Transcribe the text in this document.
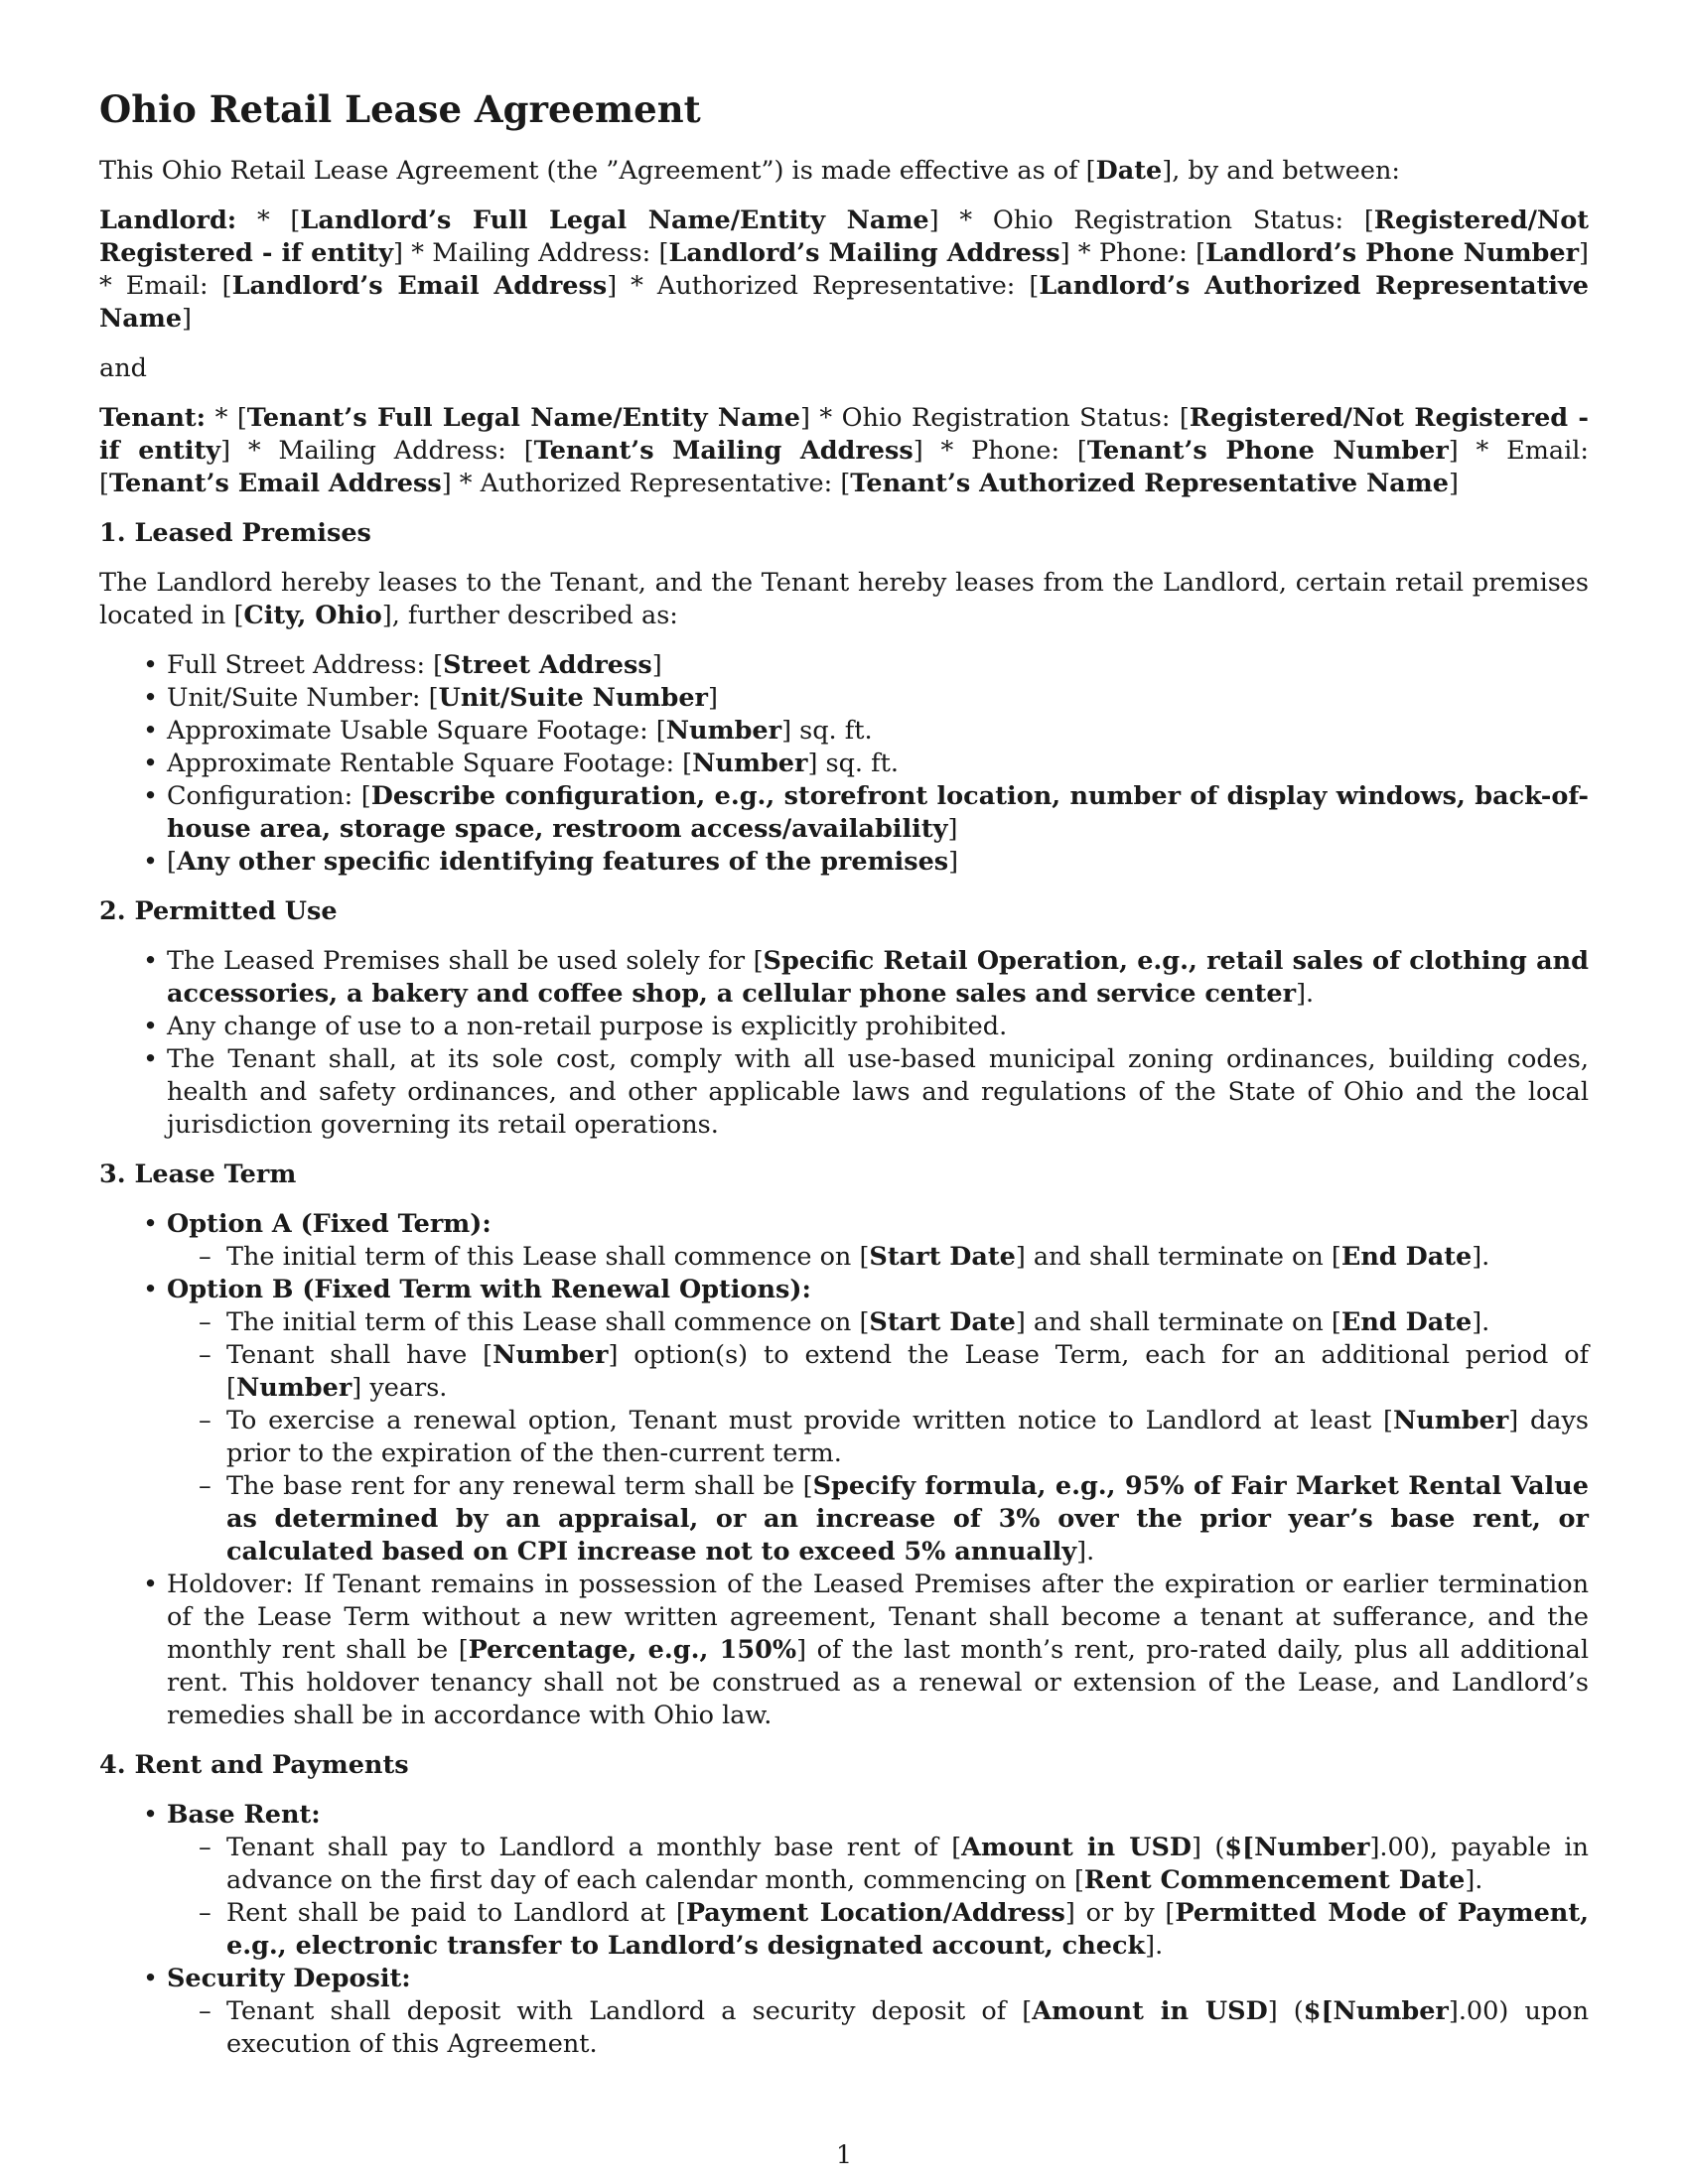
Ohio Retail Lease Agreement

This Ohio Retail Lease Agreement (the ”Agreement”) is made effective as of [Date], by and between:

Landlord: * [Landlord’s Full Legal Name/Entity Name] * Ohio Registration Status: [Registered/Not Registered - if entity] * Mailing Address: [Landlord’s Mailing Address] * Phone: [Landlord’s Phone Number] * Email: [Landlord’s Email Address] * Authorized Representative: [Landlord’s Authorized Representative Name]

and

Tenant: * [Tenant’s Full Legal Name/Entity Name] * Ohio Registration Status: [Registered/Not Registered - if entity] * Mailing Address: [Tenant’s Mailing Address] * Phone: [Tenant’s Phone Number] * Email: [Tenant’s Email Address] * Authorized Representative: [Tenant’s Authorized Representative Name]

1. Leased Premises

The Landlord hereby leases to the Tenant, and the Tenant hereby leases from the Landlord, certain retail premises located in [City, Ohio], further described as:

• Full Street Address: [Street Address]
• Unit/Suite Number: [Unit/Suite Number]
• Approximate Usable Square Footage: [Number] sq. ft.
• Approximate Rentable Square Footage: [Number] sq. ft.
• Configuration: [Describe configuration, e.g., storefront location, number of display windows, back-of-house area, storage space, restroom access/availability]
• [Any other specific identifying features of the premises]
2. Permitted Use
• The Leased Premises shall be used solely for [Specific Retail Operation, e.g., retail sales of clothing and accessories, a bakery and coffee shop, a cellular phone sales and service center].
• Any change of use to a non-retail purpose is explicitly prohibited.
• The Tenant shall, at its sole cost, comply with all use-based municipal zoning ordinances, building codes, health and safety ordinances, and other applicable laws and regulations of the State of Ohio and the local jurisdiction governing its retail operations.
3. Lease Term
• Option A (Fixed Term):
– The initial term of this Lease shall commence on [Start Date] and shall terminate on [End Date].
• Option B (Fixed Term with Renewal Options):
– The initial term of this Lease shall commence on [Start Date] and shall terminate on [End Date].
– Tenant shall have [Number] option(s) to extend the Lease Term, each for an additional period of [Number] years.
– To exercise a renewal option, Tenant must provide written notice to Landlord at least [Number] days prior to the expiration of the then-current term.
– The base rent for any renewal term shall be [Specify formula, e.g., 95% of Fair Market Rental Value as determined by an appraisal, or an increase of 3% over the prior year’s base rent, or calculated based on CPI increase not to exceed 5% annually].
• Holdover: If Tenant remains in possession of the Leased Premises after the expiration or earlier termination of the Lease Term without a new written agreement, Tenant shall become a tenant at sufferance, and the monthly rent shall be [Percentage, e.g., 150%] of the last month’s rent, pro-rated daily, plus all additional rent. This holdover tenancy shall not be construed as a renewal or extension of the Lease, and Landlord’s remedies shall be in accordance with Ohio law.
4. Rent and Payments
• Base Rent:
– Tenant shall pay to Landlord a monthly base rent of [Amount in USD] ($[Number].00), payable in advance on the first day of each calendar month, commencing on [Rent Commencement Date].
– Rent shall be paid to Landlord at [Payment Location/Address] or by [Permitted Mode of Payment, e.g., electronic transfer to Landlord’s designated account, check].
• Security Deposit:
– Tenant shall deposit with Landlord a security deposit of [Amount in USD] ($[Number].00) upon execution of this Agreement.
1
